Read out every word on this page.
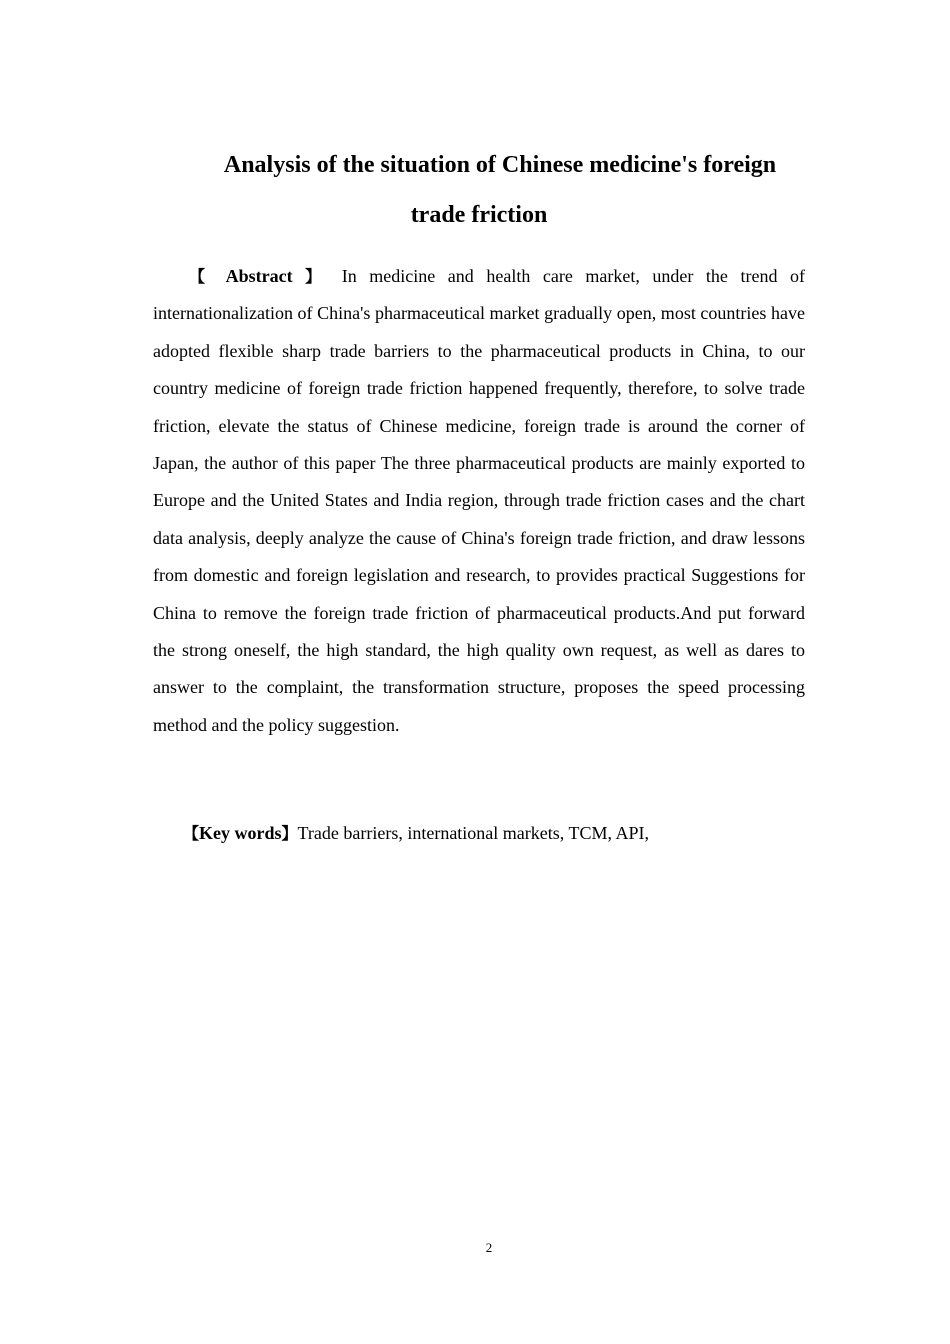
Analysis of the situation of Chinese medicine's foreign
trade friction

【 Abstract 】 In medicine and health care market, under the trend of internationalization of China's pharmaceutical market gradually open, most countries have adopted flexible sharp trade barriers to the pharmaceutical products in China, to our country medicine of foreign trade friction happened frequently, therefore, to solve trade friction, elevate the status of Chinese medicine, foreign trade is around the corner of Japan, the author of this paper The three pharmaceutical products are mainly exported to Europe and the United States and India region, through trade friction cases and the chart data analysis, deeply analyze the cause of China's foreign trade friction, and draw lessons from domestic and foreign legislation and research, to provides practical Suggestions for China to remove the foreign trade friction of pharmaceutical products.And put forward the strong oneself, the high standard, the high quality own request, as well as dares to answer to the complaint, the transformation structure, proposes the speed processing method and the policy suggestion.

【Key words】Trade barriers, international markets, TCM, API,

2
